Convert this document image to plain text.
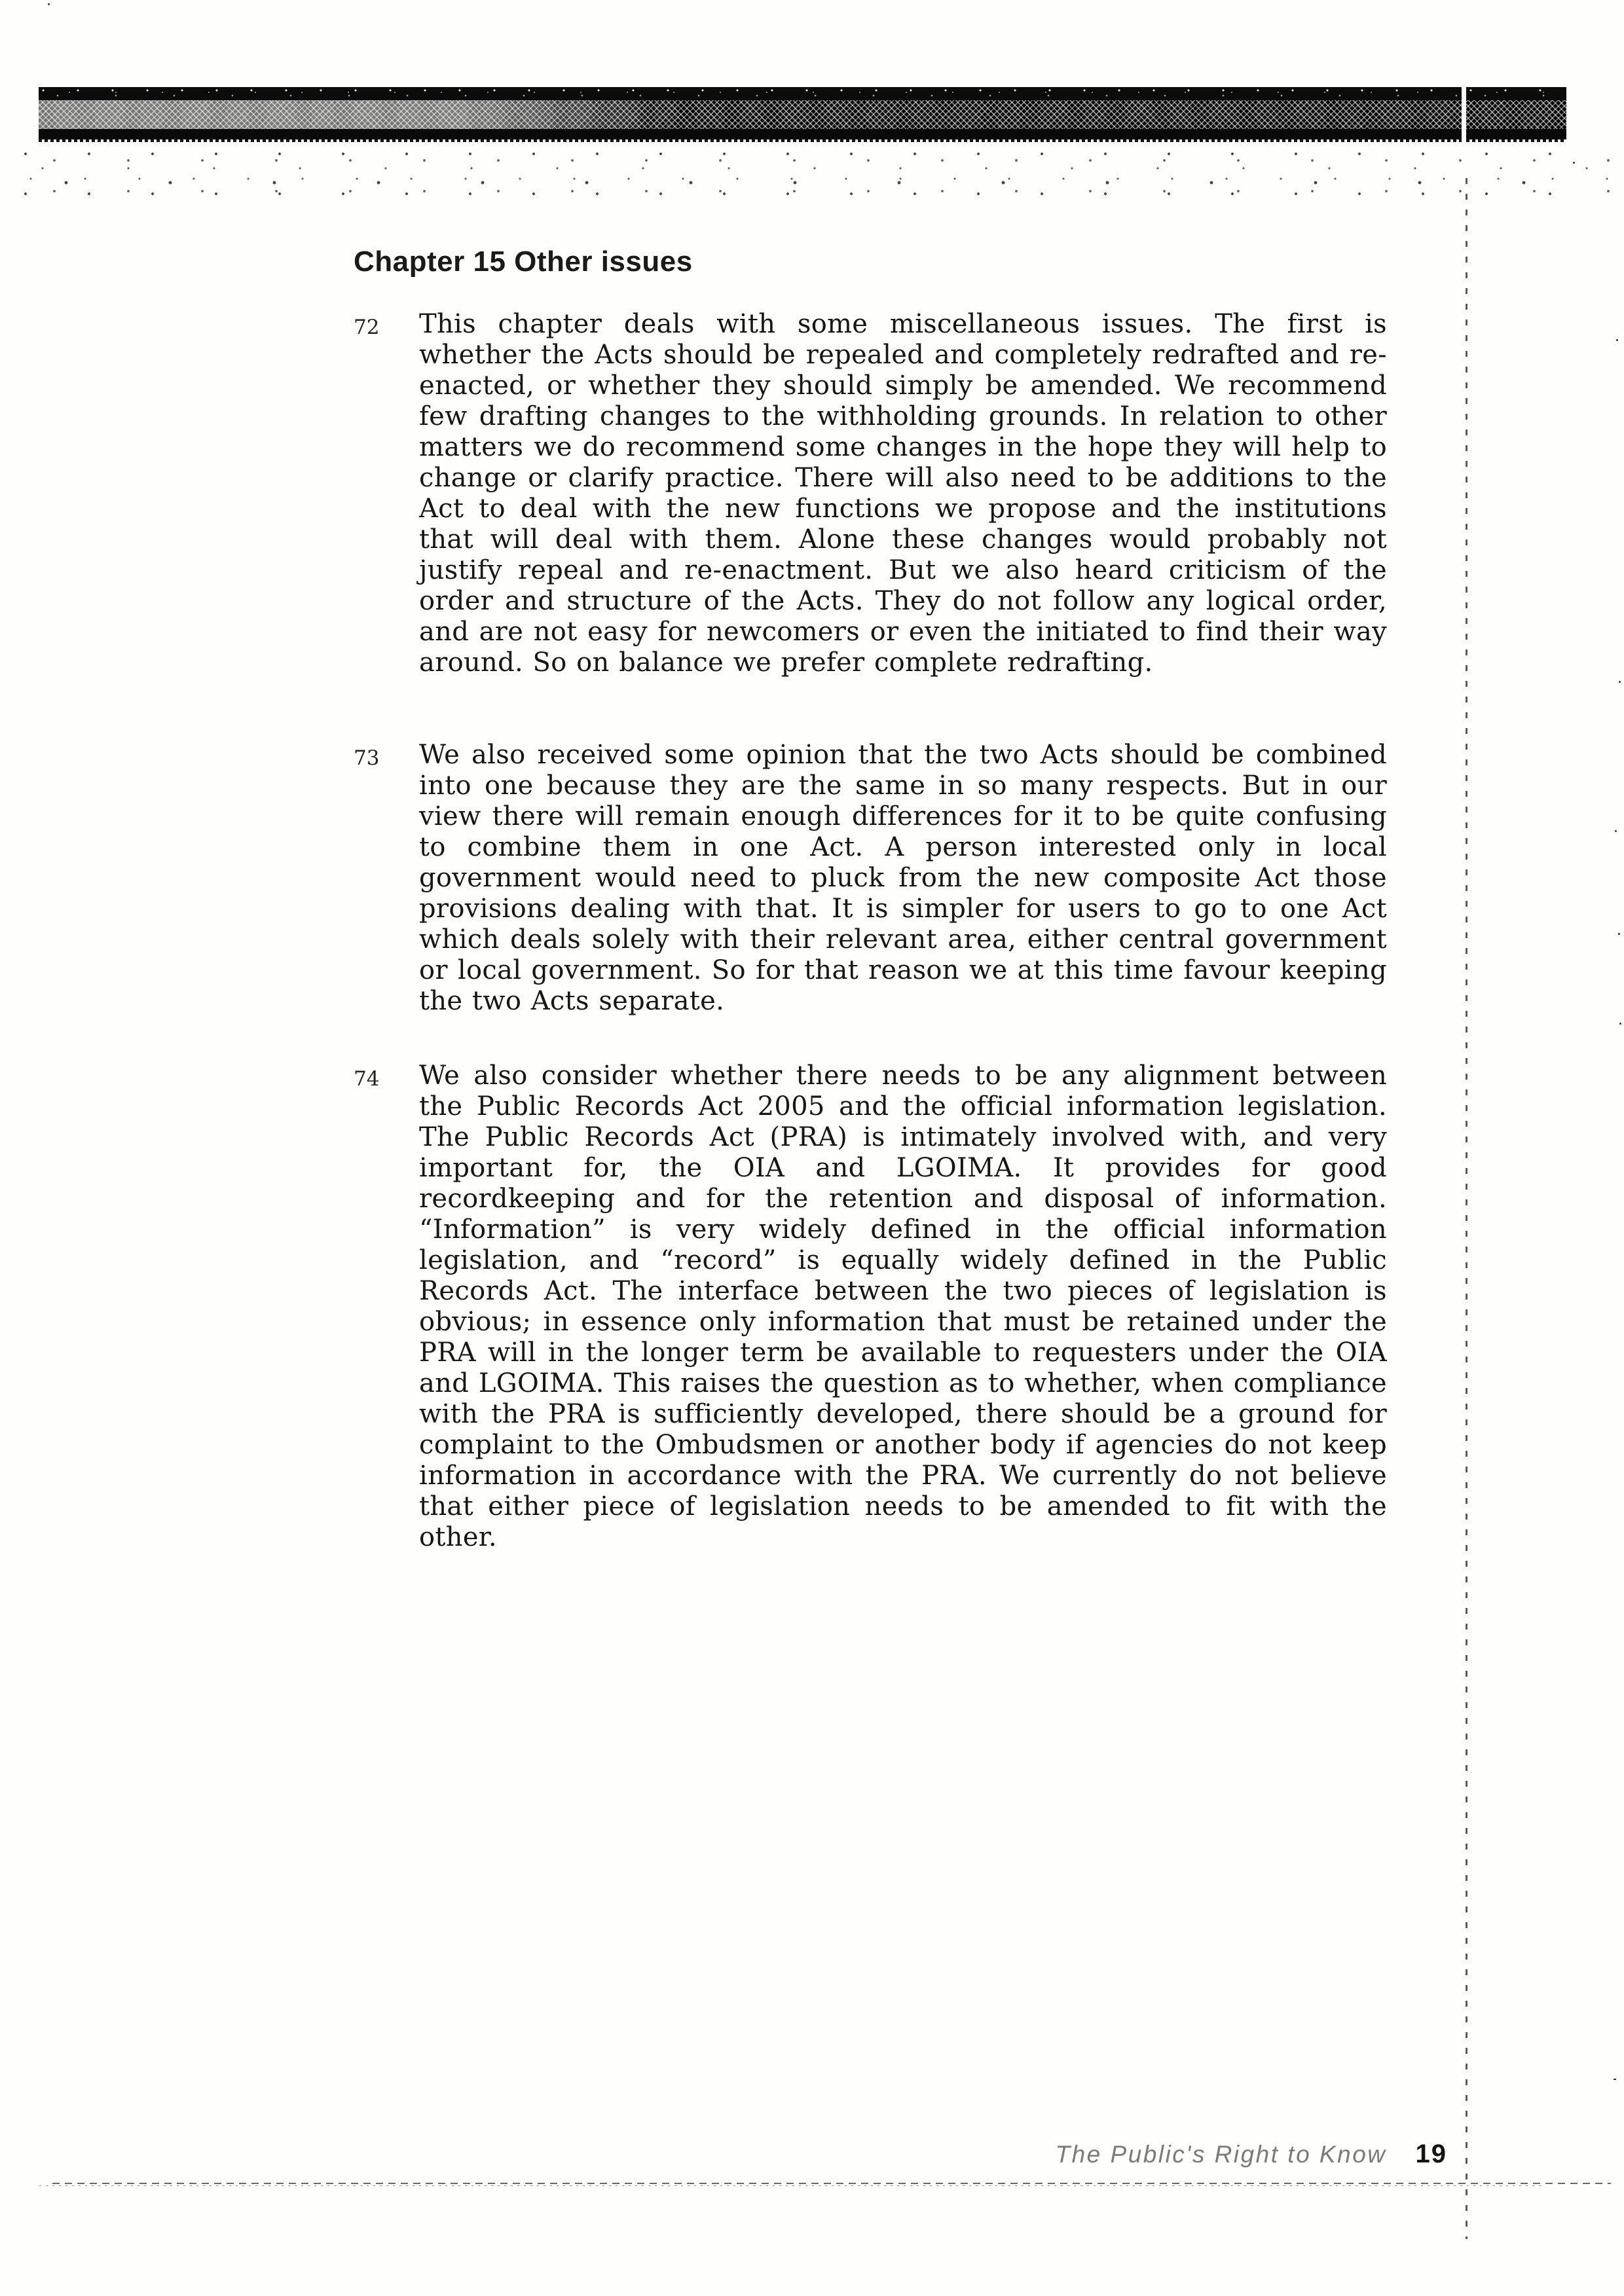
Chapter 15 Other issues
72	This chapter deals with some miscellaneous issues. The first is whether the Acts should be repealed and completely redrafted and re-enacted, or whether they should simply be amended. We recommend few drafting changes to the withholding grounds. In relation to other matters we do recommend some changes in the hope they will help to change or clarify practice. There will also need to be additions to the Act to deal with the new functions we propose and the institutions that will deal with them. Alone these changes would probably not justify repeal and re-enactment. But we also heard criticism of the order and structure of the Acts. They do not follow any logical order, and are not easy for newcomers or even the initiated to find their way around. So on balance we prefer complete redrafting.
73	We also received some opinion that the two Acts should be combined into one because they are the same in so many respects. But in our view there will remain enough differences for it to be quite confusing to combine them in one Act. A person interested only in local government would need to pluck from the new composite Act those provisions dealing with that. It is simpler for users to go to one Act which deals solely with their relevant area, either central government or local government. So for that reason we at this time favour keeping the two Acts separate.
74	We also consider whether there needs to be any alignment between the Public Records Act 2005 and the official information legislation. The Public Records Act (PRA) is intimately involved with, and very important for, the OIA and LGOIMA. It provides for good recordkeeping and for the retention and disposal of information. “Information” is very widely defined in the official information legislation, and “record” is equally widely defined in the Public Records Act. The interface between the two pieces of legislation is obvious; in essence only information that must be retained under the PRA will in the longer term be available to requesters under the OIA and LGOIMA. This raises the question as to whether, when compliance with the PRA is sufficiently developed, there should be a ground for complaint to the Ombudsmen or another body if agencies do not keep information in accordance with the PRA. We currently do not believe that either piece of legislation needs to be amended to fit with the other.
The Public's Right to Know 19
